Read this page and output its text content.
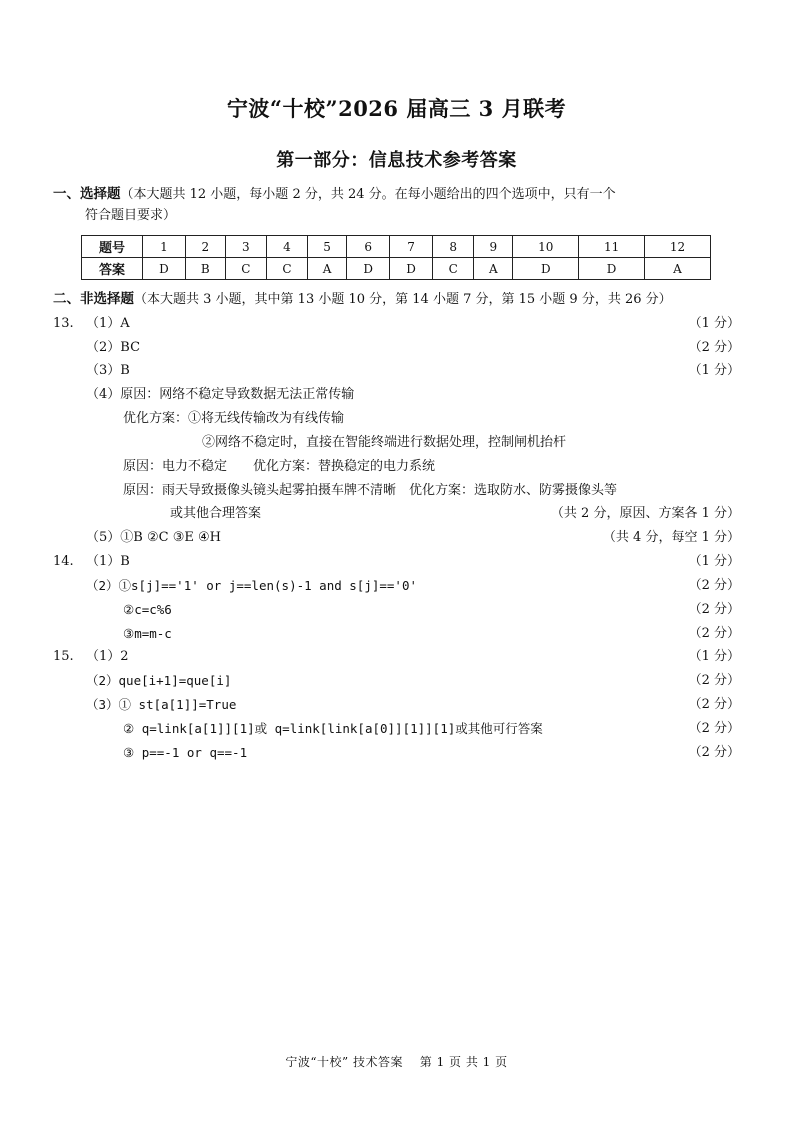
宁波“十校”2026 届高三 3 月联考
第一部分：信息技术参考答案
一、选择题（本大题共 12 小题，每小题 2 分，共 24 分。在每小题给出的四个选项中，只有一个
符合题目要求）
题号	1	2	3	4	5	6	7	8	9	10	11	12
答案	D	B	C	C	A	D	D	C	A	D	D	A
二、非选择题（本大题共 3 小题，其中第 13 小题 10 分，第 14 小题 7 分，第 15 小题 9 分，共 26 分）
13. （1）A	（1 分）
（2）BC	（2 分）
（3）B	（1 分）
（4）原因：网络不稳定导致数据无法正常传输
优化方案：①将无线传输改为有线传输
②网络不稳定时，直接在智能终端进行数据处理，控制闸机抬杆
原因：电力不稳定　　优化方案：替换稳定的电力系统
原因：雨天导致摄像头镜头起雾拍摄车牌不清晰　优化方案：选取防水、防雾摄像头等
或其他合理答案	（共 2 分，原因、方案各 1 分）
（5）①B ②C ③E ④H	（共 4 分，每空 1 分）
14. （1）B	（1 分）
（2）①s[j]=='1' or j==len(s)-1 and s[j]=='0'	（2 分）
②c=c%6	（2 分）
③m=m-c	（2 分）
15. （1）2	（1 分）
（2）que[i+1]=que[i]	（2 分）
（3）① st[a[1]]=True	（2 分）
② q=link[a[1]][1]或 q=link[link[a[0]][1]][1]或其他可行答案	（2 分）
③ p==-1 or q==-1	（2 分）
宁波“十校” 技术答案　 第 1 页 共 1 页
